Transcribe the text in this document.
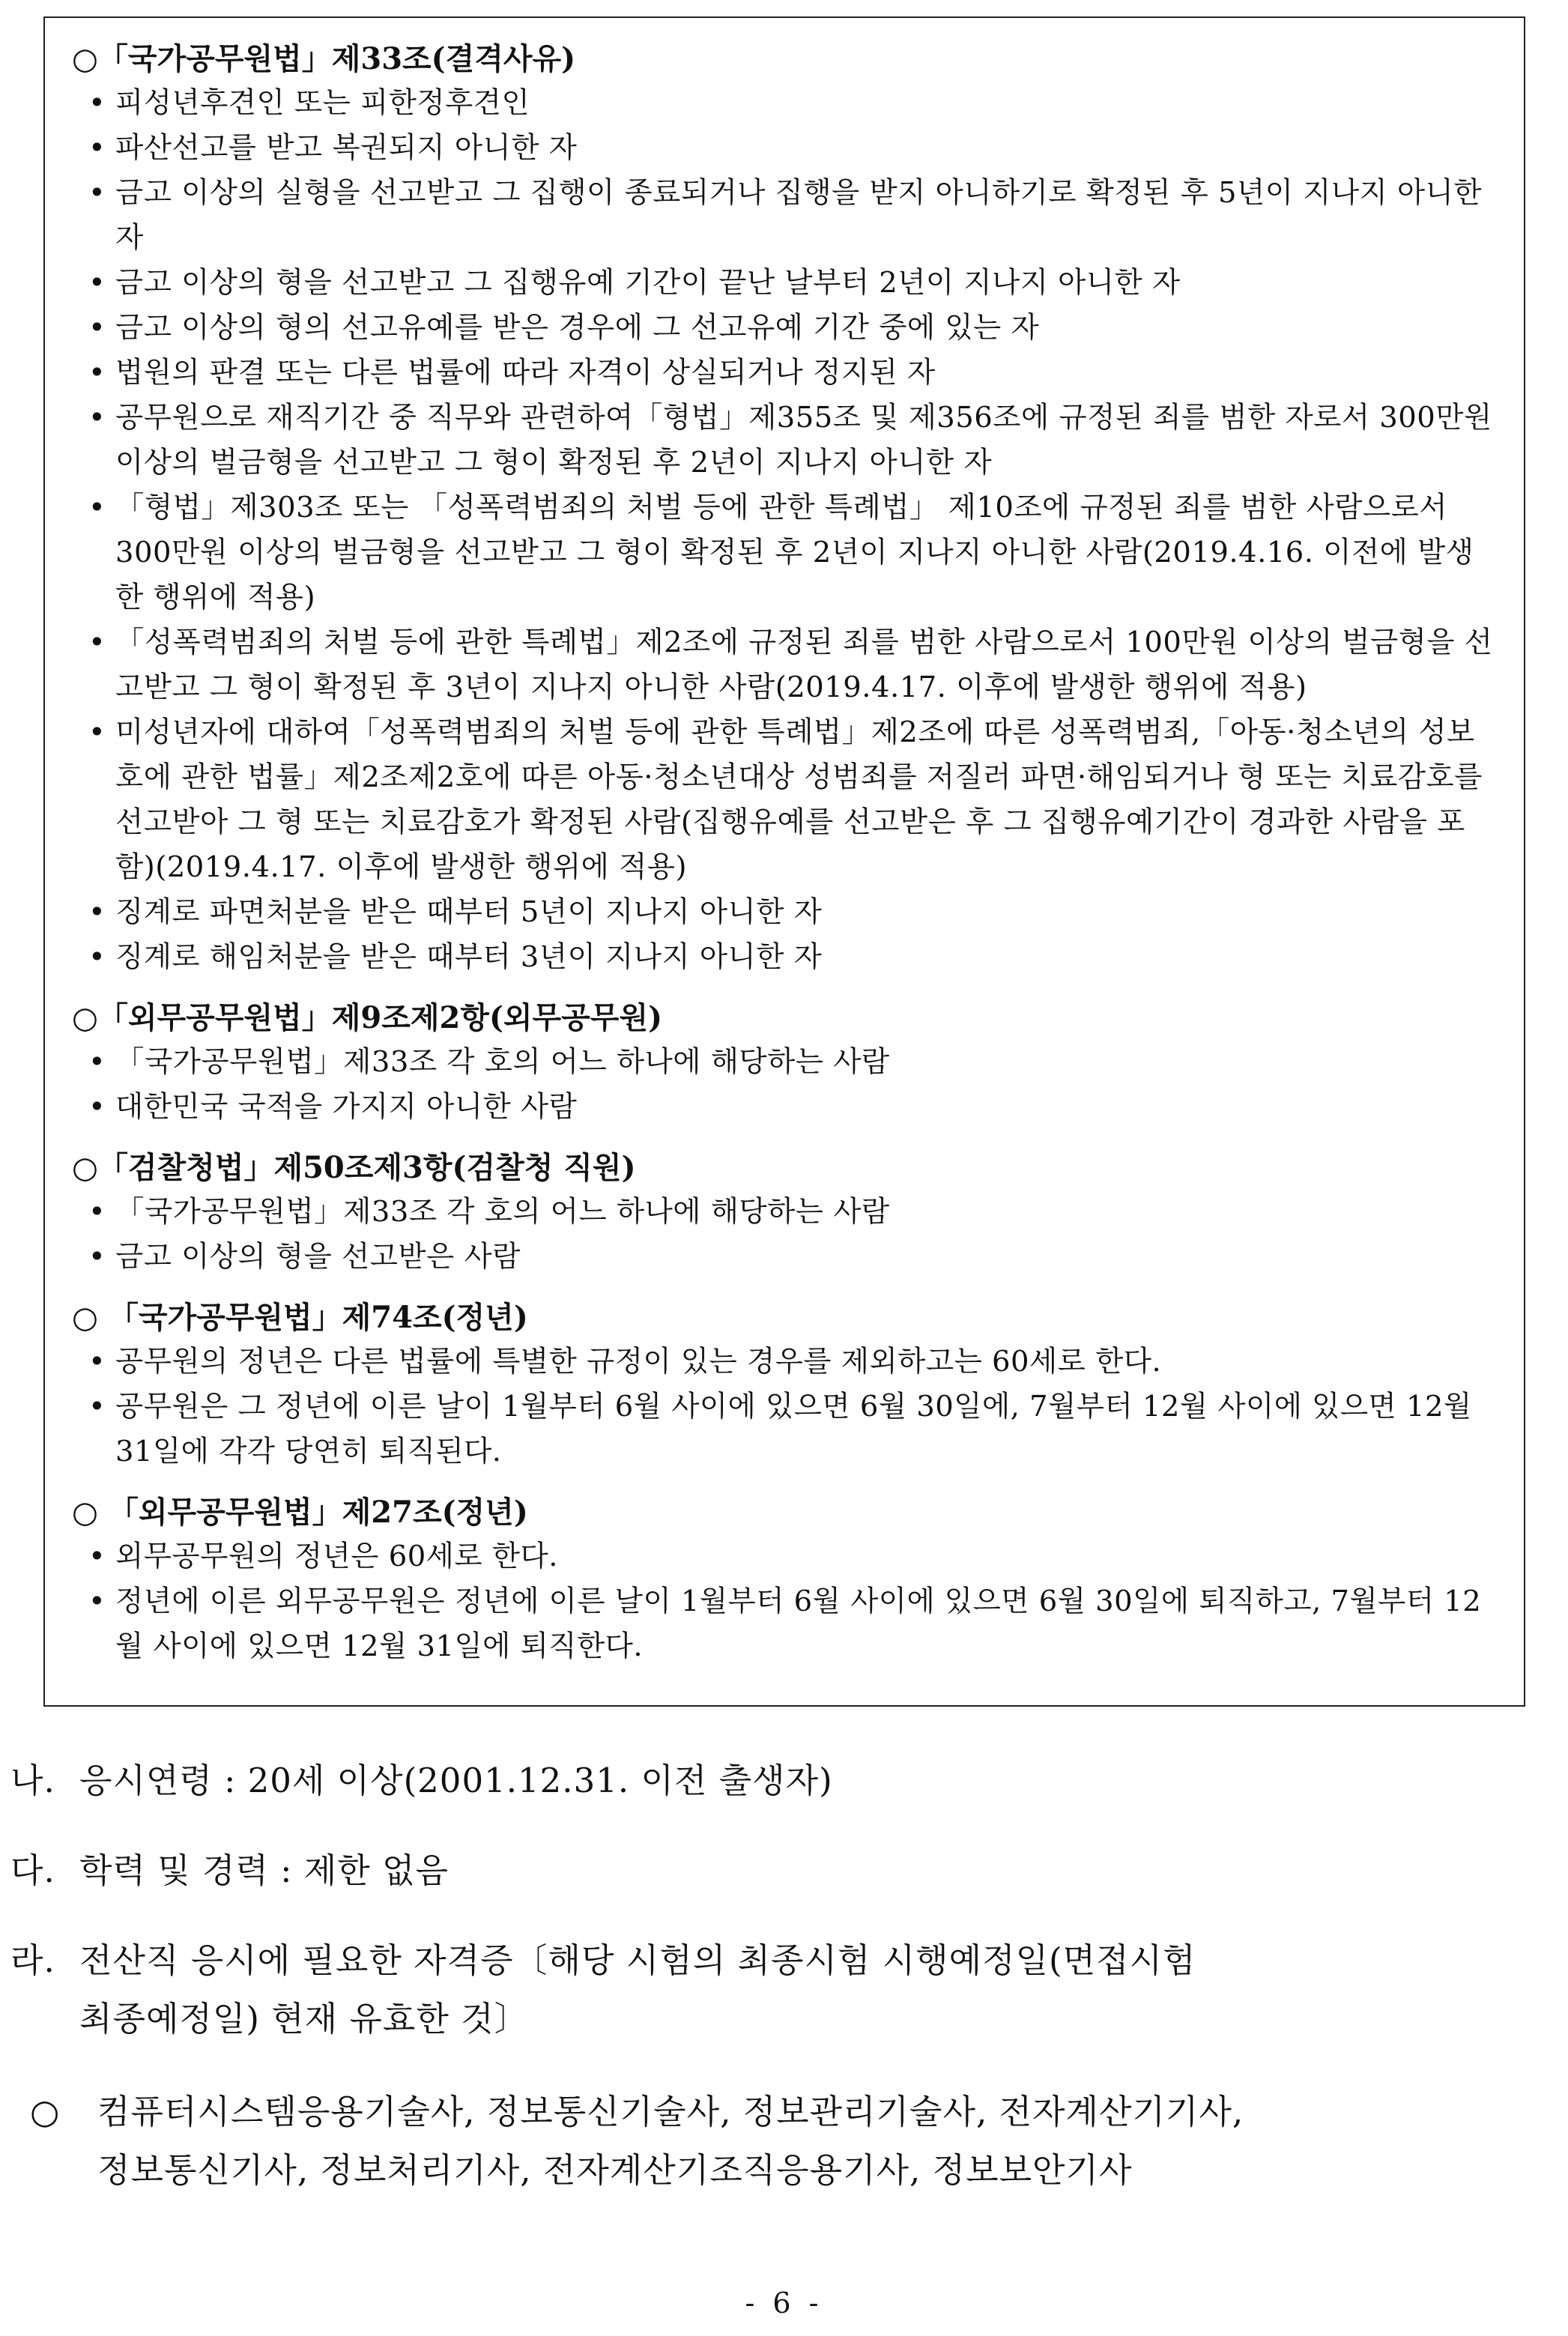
○「국가공무원법」제33조(결격사유)

• 피성년후견인 또는 피한정후견인

• 파산선고를 받고 복권되지 아니한 자

• 금고 이상의 실형을 선고받고 그 집행이 종료되거나 집행을 받지 아니하기로 확정된 후 5년이 지나지 아니한 자

• 금고 이상의 형을 선고받고 그 집행유예 기간이 끝난 날부터 2년이 지나지 아니한 자

• 금고 이상의 형의 선고유예를 받은 경우에 그 선고유예 기간 중에 있는 자

• 법원의 판결 또는 다른 법률에 따라 자격이 상실되거나 정지된 자

• 공무원으로 재직기간 중 직무와 관련하여「형법」제355조 및 제356조에 규정된 죄를 범한 자로서 300만원 이상의 벌금형을 선고받고 그 형이 확정된 후 2년이 지나지 아니한 자

• 「형법」제303조 또는 「성폭력범죄의 처벌 등에 관한 특례법」 제10조에 규정된 죄를 범한 사람으로서 300만원 이상의 벌금형을 선고받고 그 형이 확정된 후 2년이 지나지 아니한 사람(2019.4.16. 이전에 발생한 행위에 적용)

• 「성폭력범죄의 처벌 등에 관한 특례법」제2조에 규정된 죄를 범한 사람으로서 100만원 이상의 벌금형을 선고받고 그 형이 확정된 후 3년이 지나지 아니한 사람(2019.4.17. 이후에 발생한 행위에 적용)

• 미성년자에 대하여「성폭력범죄의 처벌 등에 관한 특례법」제2조에 따른 성폭력범죄,「아동·청소년의 성보호에 관한 법률」제2조제2호에 따른 아동·청소년대상 성범죄를 저질러 파면·해임되거나 형 또는 치료감호를 선고받아 그 형 또는 치료감호가 확정된 사람(집행유예를 선고받은 후 그 집행유예기간이 경과한 사람을 포함)(2019.4.17. 이후에 발생한 행위에 적용)

• 징계로 파면처분을 받은 때부터 5년이 지나지 아니한 자

• 징계로 해임처분을 받은 때부터 3년이 지나지 아니한 자

○「외무공무원법」제9조제2항(외무공무원)

• 「국가공무원법」제33조 각 호의 어느 하나에 해당하는 사람

• 대한민국 국적을 가지지 아니한 사람

○「검찰청법」제50조제3항(검찰청 직원)

• 「국가공무원법」제33조 각 호의 어느 하나에 해당하는 사람

• 금고 이상의 형을 선고받은 사람

○ 「국가공무원법」제74조(정년)

• 공무원의 정년은 다른 법률에 특별한 규정이 있는 경우를 제외하고는 60세로 한다.

• 공무원은 그 정년에 이른 날이 1월부터 6월 사이에 있으면 6월 30일에, 7월부터 12월 사이에 있으면 12월 31일에 각각 당연히 퇴직된다.

○ 「외무공무원법」제27조(정년)

• 외무공무원의 정년은 60세로 한다.

• 정년에 이른 외무공무원은 정년에 이른 날이 1월부터 6월 사이에 있으면 6월 30일에 퇴직하고, 7월부터 12월 사이에 있으면 12월 31일에 퇴직한다.

나. 응시연령 : 20세 이상(2001.12.31. 이전 출생자)
다. 학력 및 경력 : 제한 없음
라. 전산직 응시에 필요한 자격증〔해당 시험의 최종시험 시행예정일(면접시험
최종예정일) 현재 유효한 것〕
○ 컴퓨터시스템응용기술사, 정보통신기술사, 정보관리기술사, 전자계산기기사,
정보통신기사, 정보처리기사, 전자계산기조직응용기사, 정보보안기사
- 6 -
